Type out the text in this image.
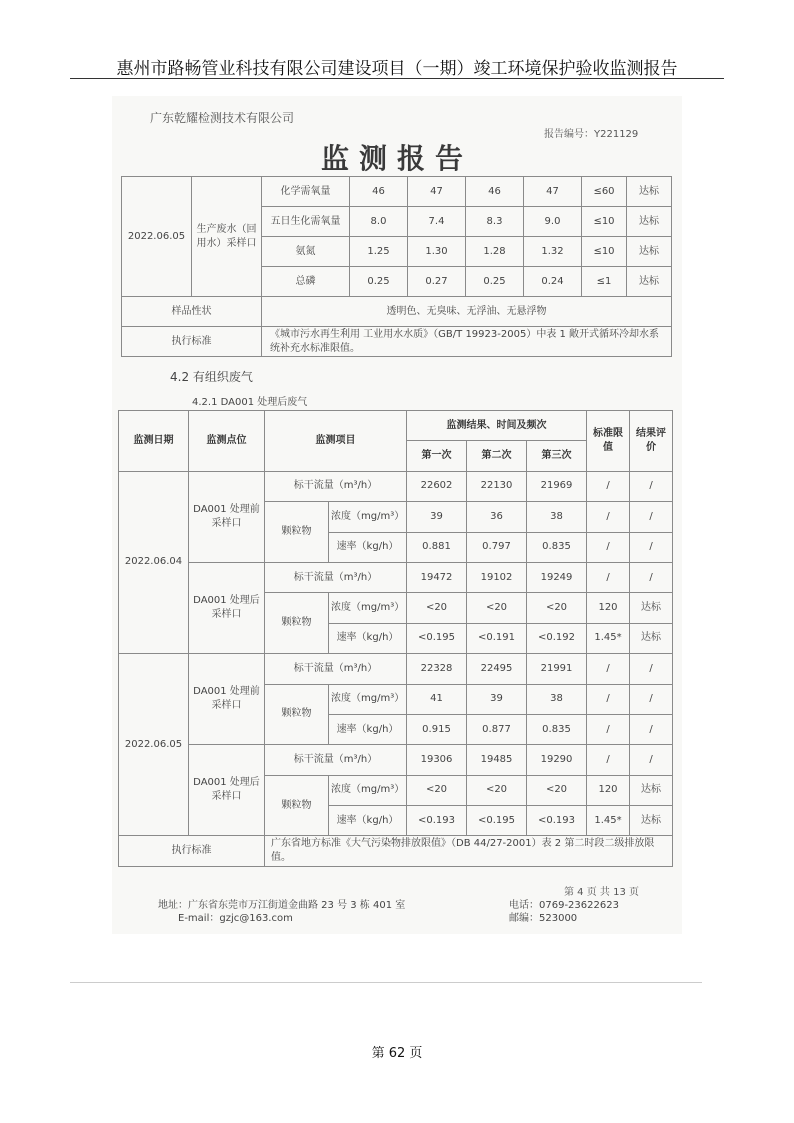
惠州市路畅管业科技有限公司建设项目（一期）竣工环境保护验收监测报告
广东乾耀检测技术有限公司
报告编号：Y221129
监测报告
2022.06.05	生产废水（回用水）采样口	化学需氧量	46	47	46	47	≤60	达标
		五日生化需氧量	8.0	7.4	8.3	9.0	≤10	达标
		氨氮	1.25	1.30	1.28	1.32	≤10	达标
		总磷	0.25	0.27	0.25	0.24	≤1	达标
样品性状		透明色、无臭味、无浮油、无悬浮物						
执行标准		《城市污水再生利用 工业用水水质》（GB/T 19923-2005）中表 1 敞开式循环冷却水系统补充水标准限值。						
4.2 有组织废气
4.2.1 DA001 处理后废气
监测日期	监测点位	监测项目		监测结果、时间及频次			标准限值	结果评价
				第一次	第二次	第三次		
2022.06.04	DA001 处理前采样口	标干流量（m³/h）		22602	22130	21969	/	/
		颗粒物	浓度（mg/m³）	39	36	38	/	/
			速率（kg/h）	0.881	0.797	0.835	/	/
	DA001 处理后采样口	标干流量（m³/h）		19472	19102	19249	/	/
		颗粒物	浓度（mg/m³）	<20	<20	<20	120	达标
			速率（kg/h）	<0.195	<0.191	<0.192	1.45*	达标
2022.06.05	DA001 处理前采样口	标干流量（m³/h）		22328	22495	21991	/	/
		颗粒物	浓度（mg/m³）	41	39	38	/	/
			速率（kg/h）	0.915	0.877	0.835	/	/
	DA001 处理后采样口	标干流量（m³/h）		19306	19485	19290	/	/
		颗粒物	浓度（mg/m³）	<20	<20	<20	120	达标
			速率（kg/h）	<0.193	<0.195	<0.193	1.45*	达标
执行标准		广东省地方标准《大气污染物排放限值》（DB 44/27-2001）表 2 第二时段二级排放限值。						
第 4 页 共 13 页
地址：广东省东莞市万江街道金曲路 23 号 3 栋 401 室	电话：0769-23622623
E-mail：gzjc@163.com	邮编：523000
第 62 页
